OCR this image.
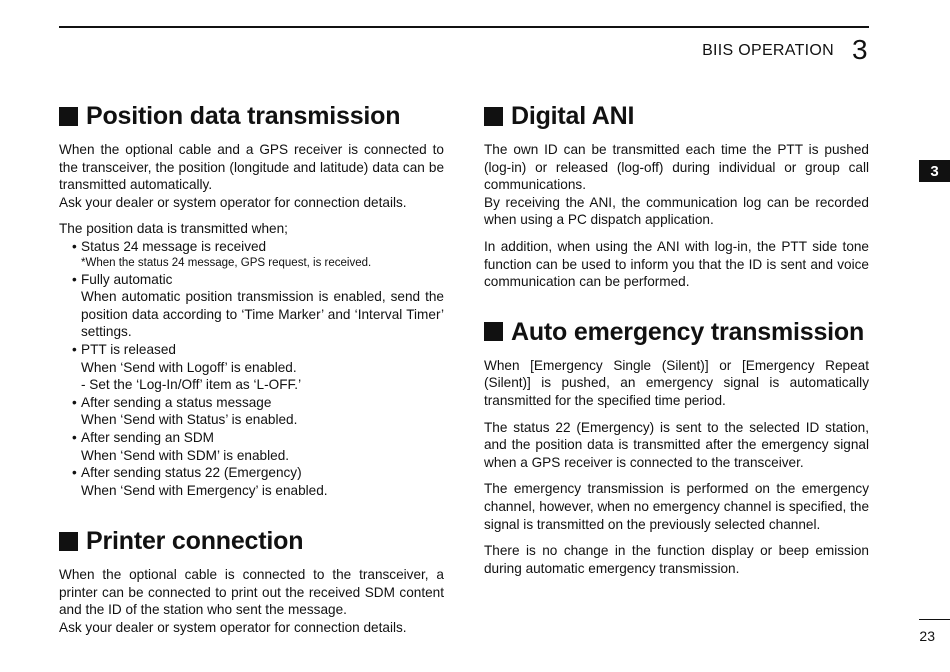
BIIS OPERATION 3
3
Position data transmission

When the optional cable and a GPS receiver is connected to the transceiver, the position (longitude and latitude) data can be transmitted automatically.

Ask your dealer or system operator for connection details.

The position data is transmitted when;

• Status 24 message is received
*When the status 24 message, GPS request, is received.
• Fully automatic
When automatic position transmission is enabled, send the position data according to ‘Time Marker’ and ‘Interval Timer’ settings.
• PTT is released
When ‘Send with Logoff’ is enabled.
- Set the ‘Log-In/Off’ item as ‘L-OFF.’
• After sending a status message
When ‘Send with Status’ is enabled.
• After sending an SDM
When ‘Send with SDM’ is enabled.
• After sending status 22 (Emergency)
When ‘Send with Emergency’ is enabled.
Printer connection

When the optional cable is connected to the transceiver, a printer can be connected to print out the received SDM content and the ID of the station who sent the message.

Ask your dealer or system operator for connection details.

Digital ANI

The own ID can be transmitted each time the PTT is pushed (log-in) or released (log-off) during individual or group call communications.

By receiving the ANI, the communication log can be recorded when using a PC dispatch application.

In addition, when using the ANI with log-in, the PTT side tone function can be used to inform you that the ID is sent and voice communication can be performed.

Auto emergency transmission

When [Emergency Single (Silent)] or [Emergency Repeat (Silent)] is pushed, an emergency signal is automatically transmitted for the specified time period.

The status 22 (Emergency) is sent to the selected ID station, and the position data is transmitted after the emergency signal when a GPS receiver is connected to the transceiver.

The emergency transmission is performed on the emergency channel, however, when no emergency channel is specified, the signal is transmitted on the previously selected channel.

There is no change in the function display or beep emission during automatic emergency transmission.

23
